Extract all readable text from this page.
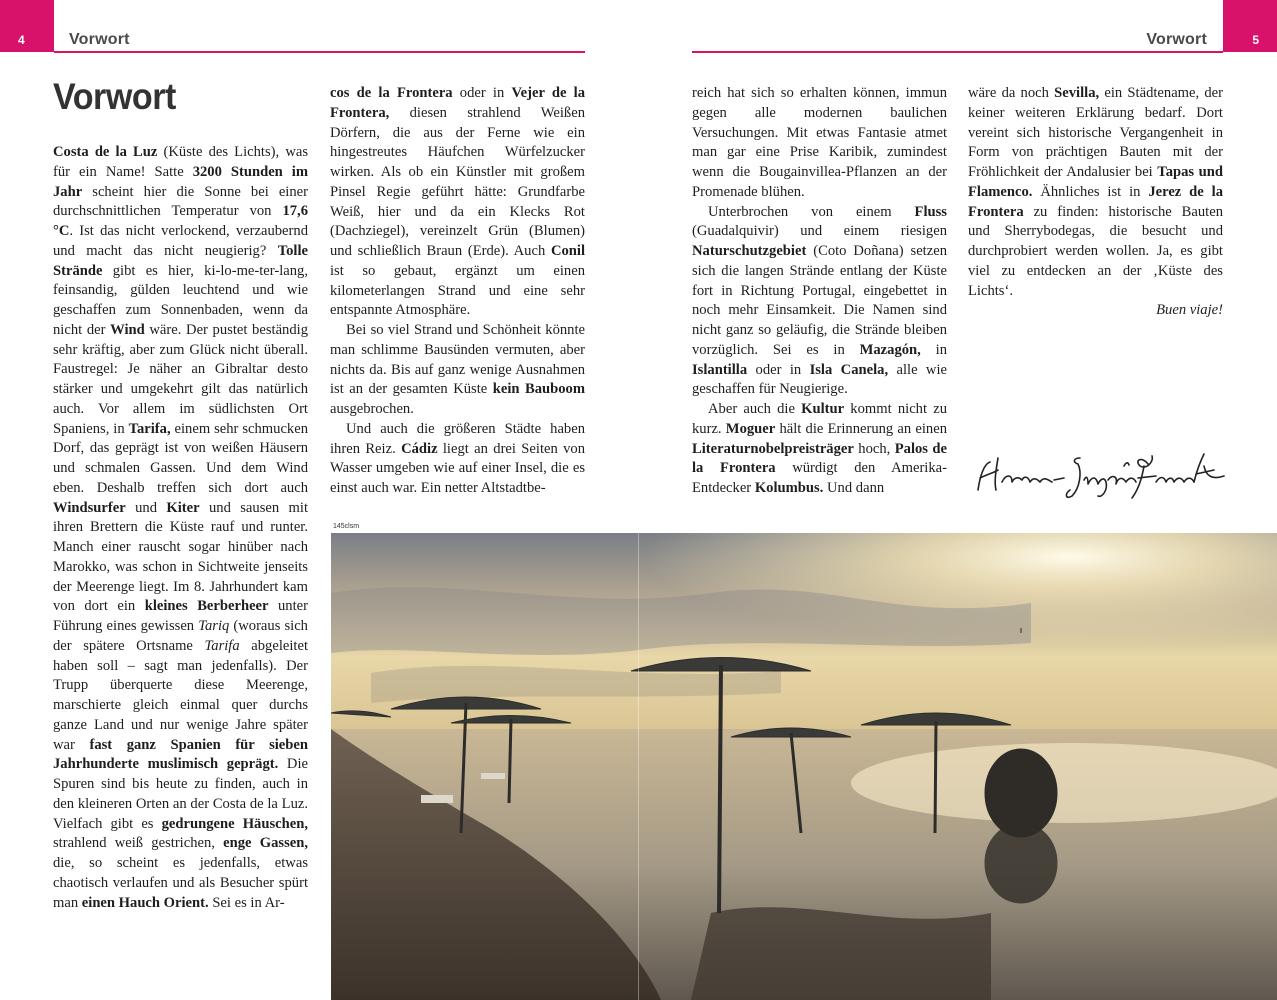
4	Vorwort	5
Vorwort
Vorwort

Costa de la Luz (Küste des Lichts), was für ein Name! Satte 3200 Stunden im Jahr scheint hier die Sonne bei einer durchschnittlichen Temperatur von 17,6 °C. Ist das nicht verlockend, verzaubernd und macht das nicht neugierig? Tolle Strände gibt es hier, ki-lo-me-ter-lang, feinsandig, gülden leuchtend und wie geschaffen zum Sonnenbaden, wenn da nicht der Wind wäre. Der pustet beständig sehr kräftig, aber zum Glück nicht überall. Faustregel: Je näher an Gibraltar desto stärker und umgekehrt gilt das natürlich auch. Vor allem im südlichsten Ort Spaniens, in Tarifa, einem sehr schmucken Dorf, das geprägt ist von weißen Häusern und schmalen Gassen. Und dem Wind eben. Deshalb treffen sich dort auch Windsurfer und Kiter und sausen mit ihren Brettern die Küste rauf und runter. Manch einer rauscht sogar hinüber nach Marokko, was schon in Sichtweite jenseits der Meerenge liegt. Im 8. Jahrhundert kam von dort ein kleines Berberheer unter Führung eines gewissen Tariq (woraus sich der spätere Ortsname Tarifa abgeleitet haben soll – sagt man jedenfalls). Der Trupp überquerte diese Meerenge, marschierte gleich einmal quer durchs ganze Land und nur wenige Jahre später war fast ganz Spanien für sieben Jahrhunderte muslimisch geprägt. Die Spuren sind bis heute zu finden, auch in den kleineren Orten an der Costa de la Luz. Vielfach gibt es gedrungene Häuschen, strahlend weiß gestrichen, enge Gassen, die, so scheint es jedenfalls, etwas chaotisch verlaufen und als Besucher spürt man einen Hauch Orient. Sei es in Ar-

cos de la Frontera oder in Vejer de la Frontera, diesen strahlend Weißen Dörfern, die aus der Ferne wie ein hingestreutes Häufchen Würfelzucker wirken. Als ob ein Künstler mit großem Pinsel Regie geführt hätte: Grundfarbe Weiß, hier und da ein Klecks Rot (Dachziegel), vereinzelt Grün (Blumen) und schließlich Braun (Erde). Auch Conil ist so gebaut, ergänzt um einen kilometerlangen Strand und eine sehr entspannte Atmosphäre.

Bei so viel Strand und Schönheit könnte man schlimme Bausünden vermuten, aber nichts da. Bis auf ganz wenige Ausnahmen ist an der gesamten Küste kein Bauboom ausgebrochen.

Und auch die größeren Städte haben ihren Reiz. Cádiz liegt an drei Seiten von Wasser umgeben wie auf einer Insel, die es einst auch war. Ein netter Altstadtbe-

reich hat sich so erhalten können, immun gegen alle modernen baulichen Versuchungen. Mit etwas Fantasie atmet man gar eine Prise Karibik, zumindest wenn die Bougainvillea-Pflanzen an der Promenade blühen.

Unterbrochen von einem Fluss (Guadalquivir) und einem riesigen Naturschutzgebiet (Coto Doñana) setzen sich die langen Strände entlang der Küste fort in Richtung Portugal, eingebettet in noch mehr Einsamkeit. Die Namen sind nicht ganz so geläufig, die Strände bleiben vorzüglich. Sei es in Mazagón, in Islantilla oder in Isla Canela, alle wie geschaffen für Neugierige.

Aber auch die Kultur kommt nicht zu kurz. Moguer hält die Erinnerung an einen Literaturnobelpreisträger hoch, Palos de la Frontera würdigt den Amerika-Entdecker Kolumbus. Und dann

wäre da noch Sevilla, ein Städtename, der keiner weiteren Erklärung bedarf. Dort vereint sich historische Vergangenheit in Form von prächtigen Bauten mit der Fröhlichkeit der Andalusier bei Tapas und Flamenco. Ähnliches ist in Jerez de la Frontera zu finden: historische Bauten und Sherrybodegas, die besucht und durchprobiert werden wollen. Ja, es gibt viel zu entdecken an der ‚Küste des Lichts‘.

Buen viaje!

145clsm
